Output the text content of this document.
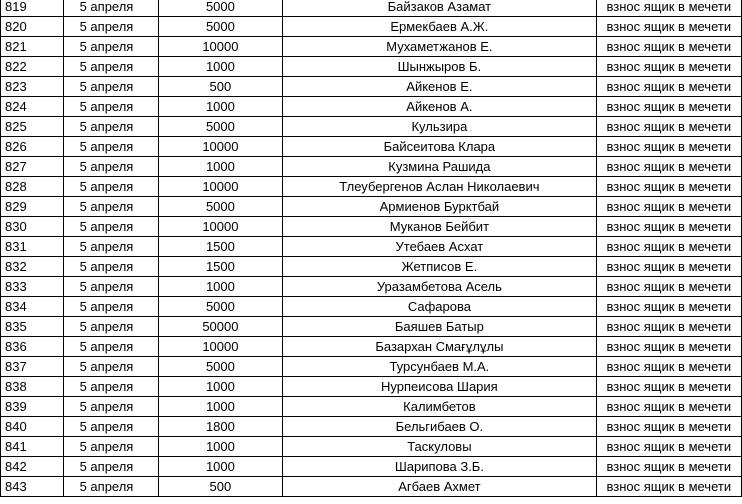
819	5 апреля	5000	Байзаков Азамат	взнос ящик в мечети
820	5 апреля	5000	Ермекбаев А.Ж.	взнос ящик в мечети
821	5 апреля	10000	Мухаметжанов Е.	взнос ящик в мечети
822	5 апреля	1000	Шынжыров Б.	взнос ящик в мечети
823	5 апреля	500	Айкенов Е.	взнос ящик в мечети
824	5 апреля	1000	Айкенов А.	взнос ящик в мечети
825	5 апреля	5000	Кульзира	взнос ящик в мечети
826	5 апреля	10000	Байсеитова Клара	взнос ящик в мечети
827	5 апреля	1000	Кузмина Рашида	взнос ящик в мечети
828	5 апреля	10000	Тлеубергенов Аслан Николаевич	взнос ящик в мечети
829	5 апреля	5000	Армиенов Бурктбай	взнос ящик в мечети
830	5 апреля	10000	Муканов Бейбит	взнос ящик в мечети
831	5 апреля	1500	Утебаев Асхат	взнос ящик в мечети
832	5 апреля	1500	Жетписов Е.	взнос ящик в мечети
833	5 апреля	1000	Уразамбетова Асель	взнос ящик в мечети
834	5 апреля	5000	Сафарова	взнос ящик в мечети
835	5 апреля	50000	Баяшев Батыр	взнос ящик в мечети
836	5 апреля	10000	Базархан Смағұлұлы	взнос ящик в мечети
837	5 апреля	5000	Турсунбаев М.А.	взнос ящик в мечети
838	5 апреля	1000	Нурпеисова Шария	взнос ящик в мечети
839	5 апреля	1000	Калимбетов	взнос ящик в мечети
840	5 апреля	1800	Бельгибаев О.	взнос ящик в мечети
841	5 апреля	1000	Таскуловы	взнос ящик в мечети
842	5 апреля	1000	Шарипова З.Б.	взнос ящик в мечети
843	5 апреля	500	Агбаев Ахмет	взнос ящик в мечети
